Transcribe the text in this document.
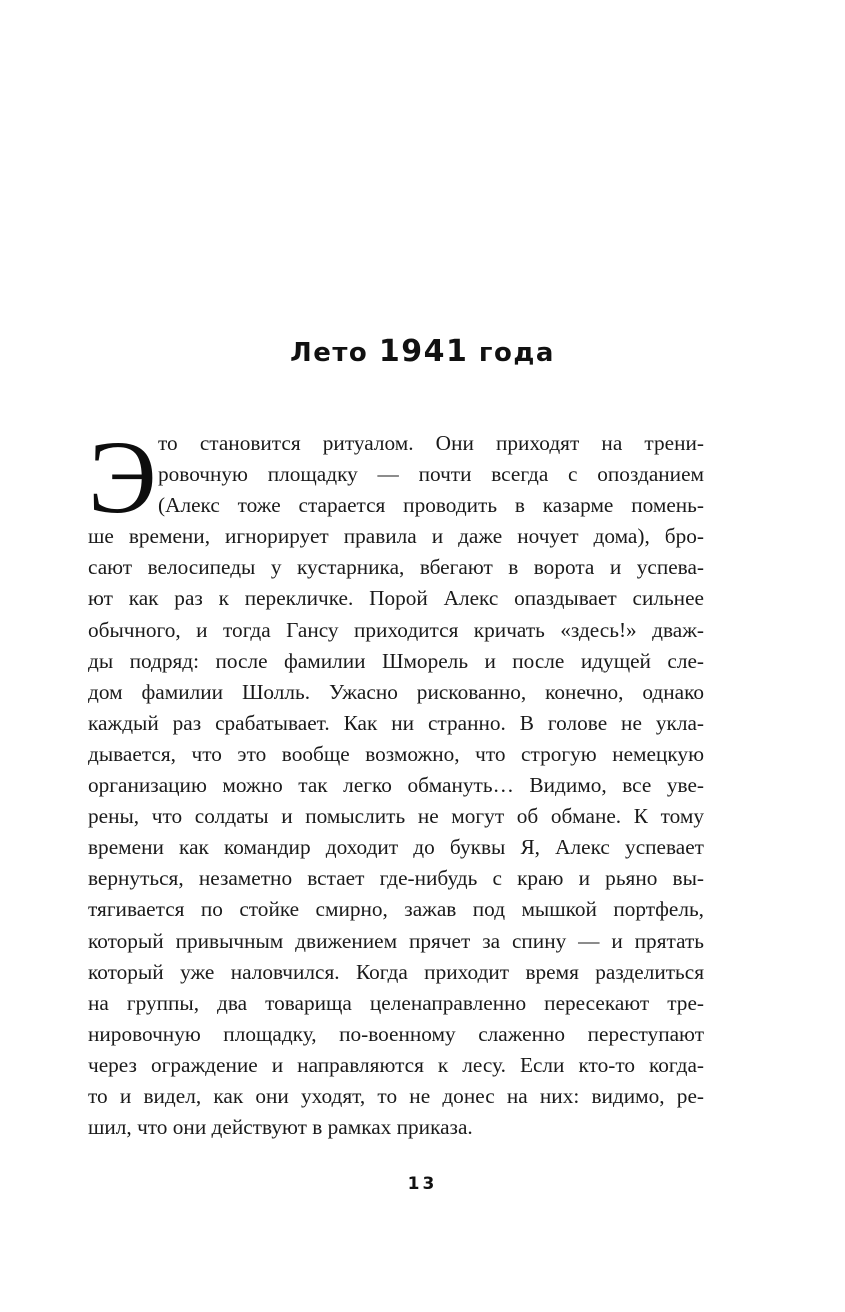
Лето 1941 года
Э то становится ритуалом. Они приходят на трени-
ровочную площадку — почти всегда с опозданием
(Алекс тоже старается проводить в казарме помень-
ше времени, игнорирует правила и даже ночует дома), бро-
сают велосипеды у кустарника, вбегают в ворота и успева-
ют как раз к перекличке. Порой Алекс опаздывает сильнее
обычного, и тогда Гансу приходится кричать «здесь!» дваж-
ды подряд: после фамилии Шморель и после идущей сле-
дом фамилии Шолль. Ужасно рискованно, конечно, однако
каждый раз срабатывает. Как ни странно. В голове не укла-
дывается, что это вообще возможно, что строгую немецкую
организацию можно так легко обмануть… Видимо, все уве-
рены, что солдаты и помыслить не могут об обмане. К тому
времени как командир доходит до буквы Я, Алекс успевает
вернуться, незаметно встает где-нибудь с краю и рьяно вы-
тягивается по стойке смирно, зажав под мышкой портфель,
который привычным движением прячет за спину — и прятать
который уже наловчился. Когда приходит время разделиться
на группы, два товарища целенаправленно пересекают тре-
нировочную площадку, по-военному слаженно переступают
через ограждение и направляются к лесу. Если кто-то когда-
то и видел, как они уходят, то не донес на них: видимо, ре-
шил, что они действуют в рамках приказа.
13
